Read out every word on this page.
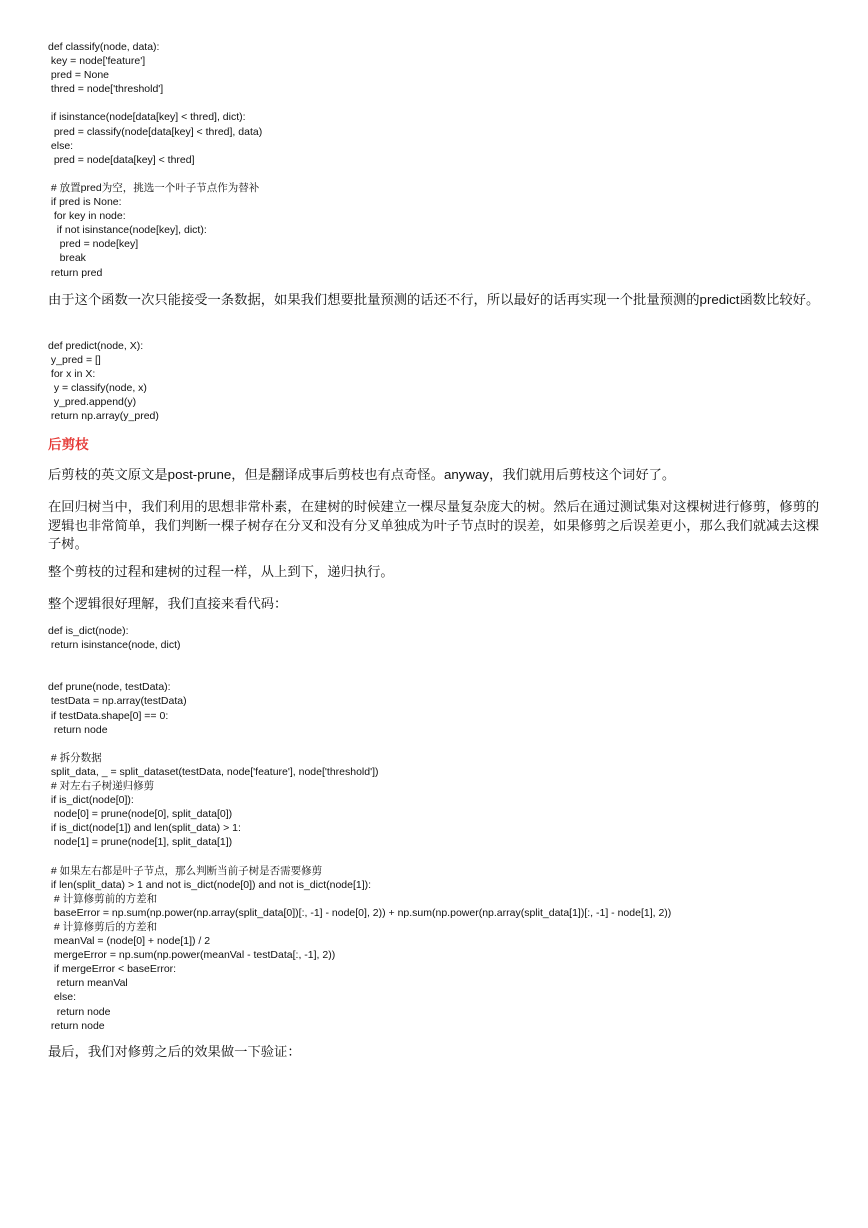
def classify(node, data):
key = node['feature']
pred = None
thred = node['threshold']

if isinstance(node[data[key] < thred], dict):
pred = classify(node[data[key] < thred], data)
else:
pred = node[data[key] < thred]

# 放置pred为空，挑选一个叶子节点作为替补
if pred is None:
for key in node:
if not isinstance(node[key], dict):
pred = node[key]
break
return pred

由于这个函数一次只能接受一条数据，如果我们想要批量预测的话还不行，所以最好的话再实现一个批量预测的predict函数比较好。

def predict(node, X):
y_pred = []
for x in X:
y = classify(node, x)
y_pred.append(y)
return np.array(y_pred)
后剪枝

后剪枝的英文原文是post-prune，但是翻译成事后剪枝也有点奇怪。anyway，我们就用后剪枝这个词好了。

在回归树当中，我们利用的思想非常朴素，在建树的时候建立一棵尽量复杂庞大的树。然后在通过测试集对这棵树进行修剪，修剪的逻辑也非常简单，我们判断一棵子树存在分叉和没有分叉单独成为叶子节点时的误差，如果修剪之后误差更小，那么我们就减去这棵子树。

整个剪枝的过程和建树的过程一样，从上到下，递归执行。

整个逻辑很好理解，我们直接来看代码：

def is_dict(node):
return isinstance(node, dict)

def prune(node, testData):
testData = np.array(testData)
if testData.shape[0] == 0:
return node

# 拆分数据
split_data, _ = split_dataset(testData, node['feature'], node['threshold'])
# 对左右子树递归修剪
if is_dict(node[0]):
node[0] = prune(node[0], split_data[0])
if is_dict(node[1]) and len(split_data) > 1:
node[1] = prune(node[1], split_data[1])

# 如果左右都是叶子节点，那么判断当前子树是否需要修剪
if len(split_data) > 1 and not is_dict(node[0]) and not is_dict(node[1]):
# 计算修剪前的方差和
baseError = np.sum(np.power(np.array(split_data[0])[:, -1] - node[0], 2)) + np.sum(np.power(np.array(split_data[1])[:, -1] - node[1], 2))
# 计算修剪后的方差和
meanVal = (node[0] + node[1]) / 2
mergeError = np.sum(np.power(meanVal - testData[:, -1], 2))
if mergeError < baseError:
return meanVal
else:
return node
return node

最后，我们对修剪之后的效果做一下验证：
